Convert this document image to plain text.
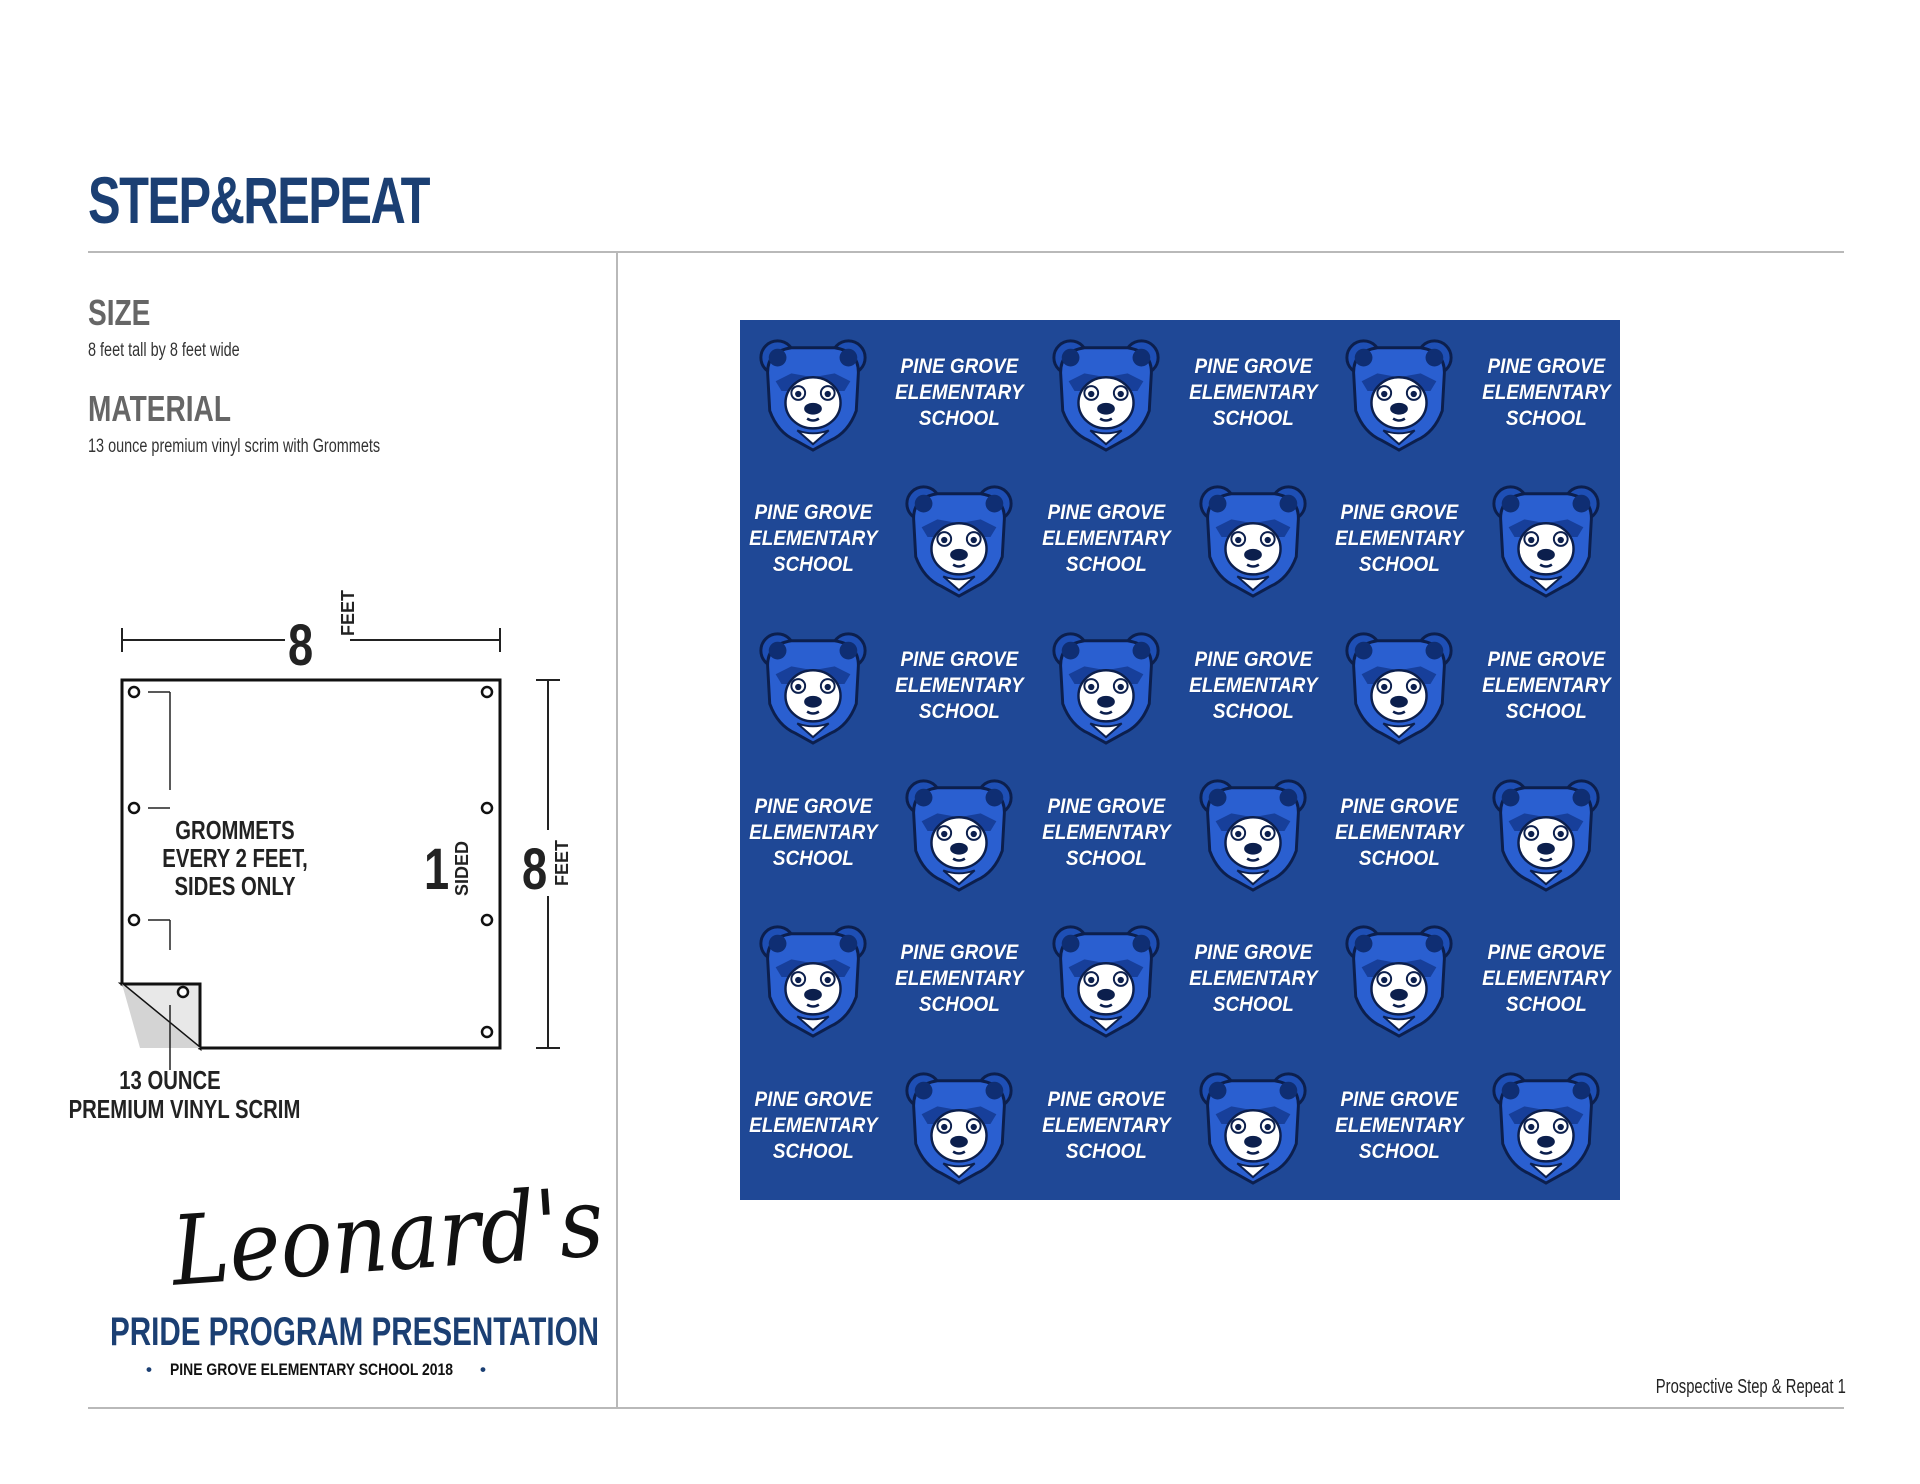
STEP&REPEAT
SIZE
8 feet tall by 8 feet wide
MATERIAL
13 ounce premium vinyl scrim with Grommets
8
FEET
8 FEET
1 SIDED
GROMMETS
EVERY 2 FEET,
SIDES ONLY
13 OUNCE
PREMIUM VINYL SCRIM
Leonard's
PRIDE PROGRAM PRESENTATION
• PINE GROVE ELEMENTARY SCHOOL 2018	•
Prospective Step & Repeat 1
PINE GROVE
ELEMENTARY
SCHOOL
PINE GROVE
ELEMENTARY
SCHOOL
PINE GROVE
ELEMENTARY
SCHOOL
PINE GROVE
ELEMENTARY
SCHOOL
PINE GROVE
ELEMENTARY
SCHOOL
PINE GROVE
ELEMENTARY
SCHOOL
PINE GROVE
ELEMENTARY
SCHOOL
PINE GROVE
ELEMENTARY
SCHOOL
PINE GROVE
ELEMENTARY
SCHOOL
PINE GROVE
ELEMENTARY
SCHOOL
PINE GROVE
ELEMENTARY
SCHOOL
PINE GROVE
ELEMENTARY
SCHOOL
PINE GROVE
ELEMENTARY
SCHOOL
PINE GROVE
ELEMENTARY
SCHOOL
PINE GROVE
ELEMENTARY
SCHOOL
PINE GROVE
ELEMENTARY
SCHOOL
PINE GROVE
ELEMENTARY
SCHOOL
PINE GROVE
ELEMENTARY
SCHOOL
